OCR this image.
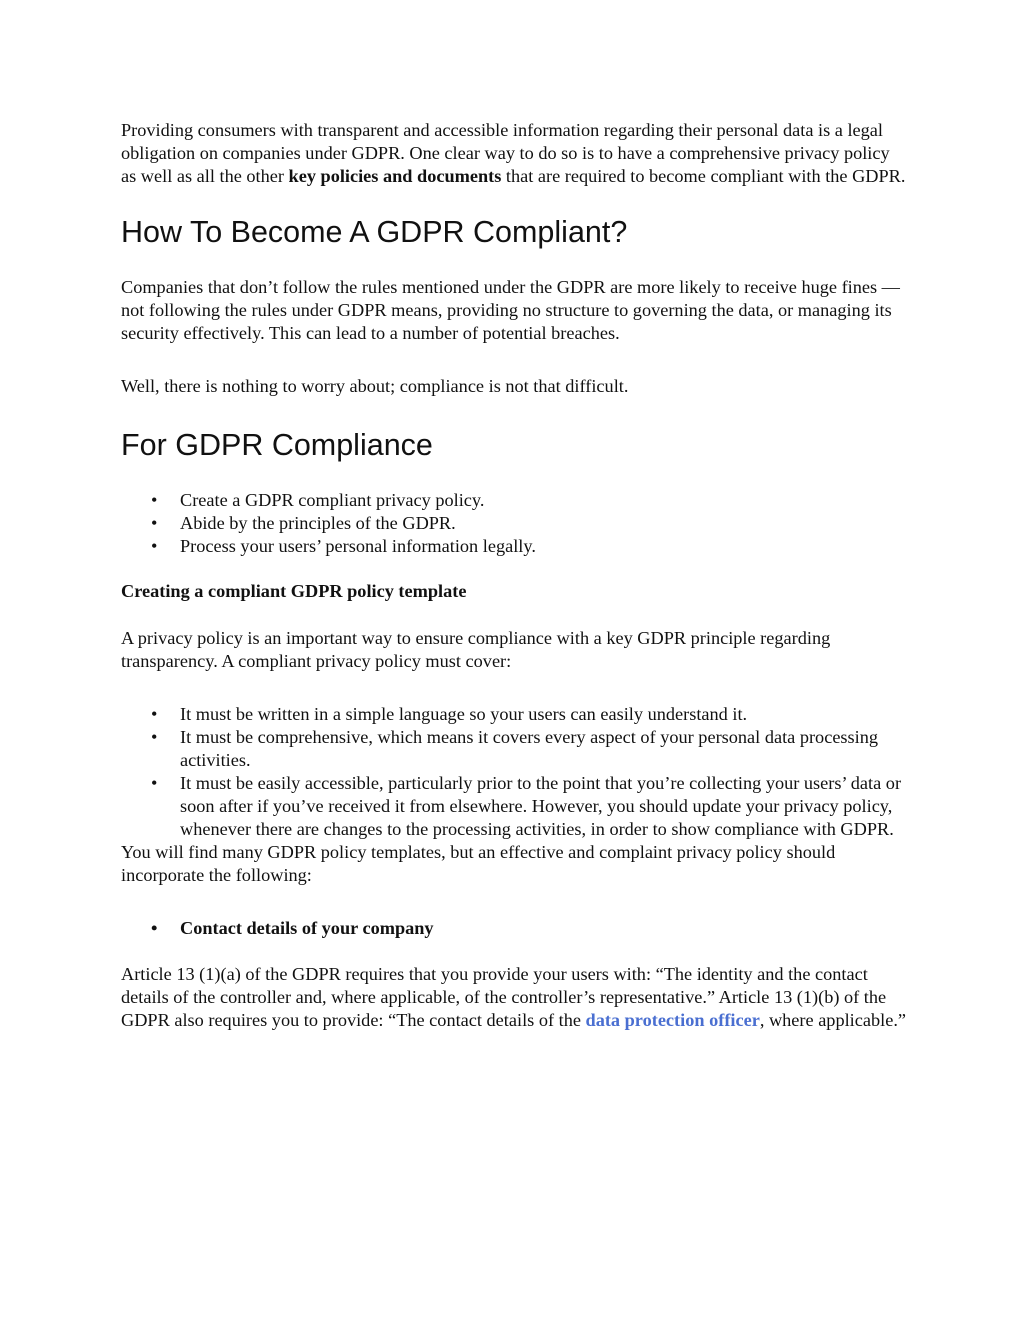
Providing consumers with transparent and accessible information regarding their personal data is a legal obligation on companies under GDPR. One clear way to do so is to have a comprehensive privacy policy as well as all the other key policies and documents that are required to become compliant with the GDPR.

How To Become A GDPR Compliant?

Companies that don’t follow the rules mentioned under the GDPR are more likely to receive huge fines — not following the rules under GDPR means, providing no structure to governing the data, or managing its security effectively. This can lead to a number of potential breaches.

Well, there is nothing to worry about; compliance is not that difficult.

For GDPR Compliance
• Create a GDPR compliant privacy policy.
• Abide by the principles of the GDPR.
• Process your users’ personal information legally.

Creating a compliant GDPR policy template

A privacy policy is an important way to ensure compliance with a key GDPR principle regarding transparency. A compliant privacy policy must cover:

• It must be written in a simple language so your users can easily understand it.
• It must be comprehensive, which means it covers every aspect of your personal data processing activities.
• It must be easily accessible, particularly prior to the point that you’re collecting your users’ data or soon after if you’ve received it from elsewhere. However, you should update your privacy policy, whenever there are changes to the processing activities, in order to show compliance with GDPR.

You will find many GDPR policy templates, but an effective and complaint privacy policy should incorporate the following:

• Contact details of your company

Article 13 (1)(a) of the GDPR requires that you provide your users with: “The identity and the contact details of the controller and, where applicable, of the controller’s representative.” Article 13 (1)(b) of the GDPR also requires you to provide: “The contact details of the data protection officer, where applicable.”
